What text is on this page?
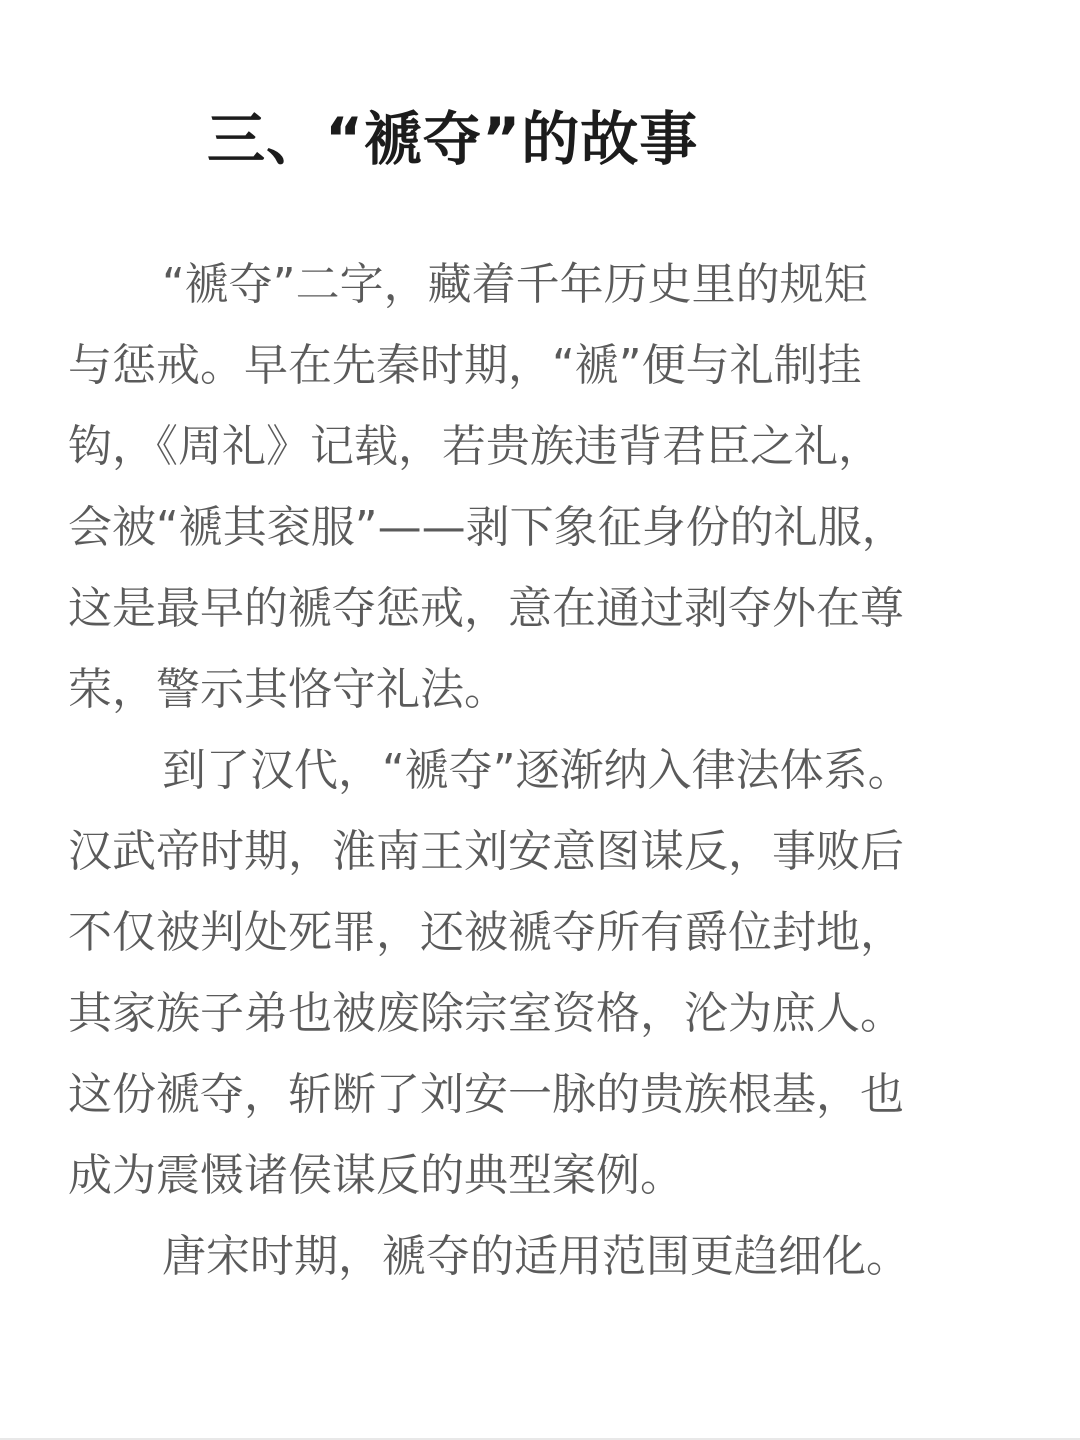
三、“褫夺”的故事

“褫夺”二字，藏着千年历史里的规矩
与惩戒。早在先秦时期，“褫”便与礼制挂
钩，《周礼》记载，若贵族违背君臣之礼，
会被“褫其衮服”——剥下象征身份的礼服，
这是最早的褫夺惩戒，意在通过剥夺外在尊
荣，警示其恪守礼法。

到了汉代，“褫夺”逐渐纳入律法体系。
汉武帝时期，淮南王刘安意图谋反，事败后
不仅被判处死罪，还被褫夺所有爵位封地，
其家族子弟也被废除宗室资格，沦为庶人。
这份褫夺，斩断了刘安一脉的贵族根基，也
成为震慑诸侯谋反的典型案例。

唐宋时期，褫夺的适用范围更趋细化。
